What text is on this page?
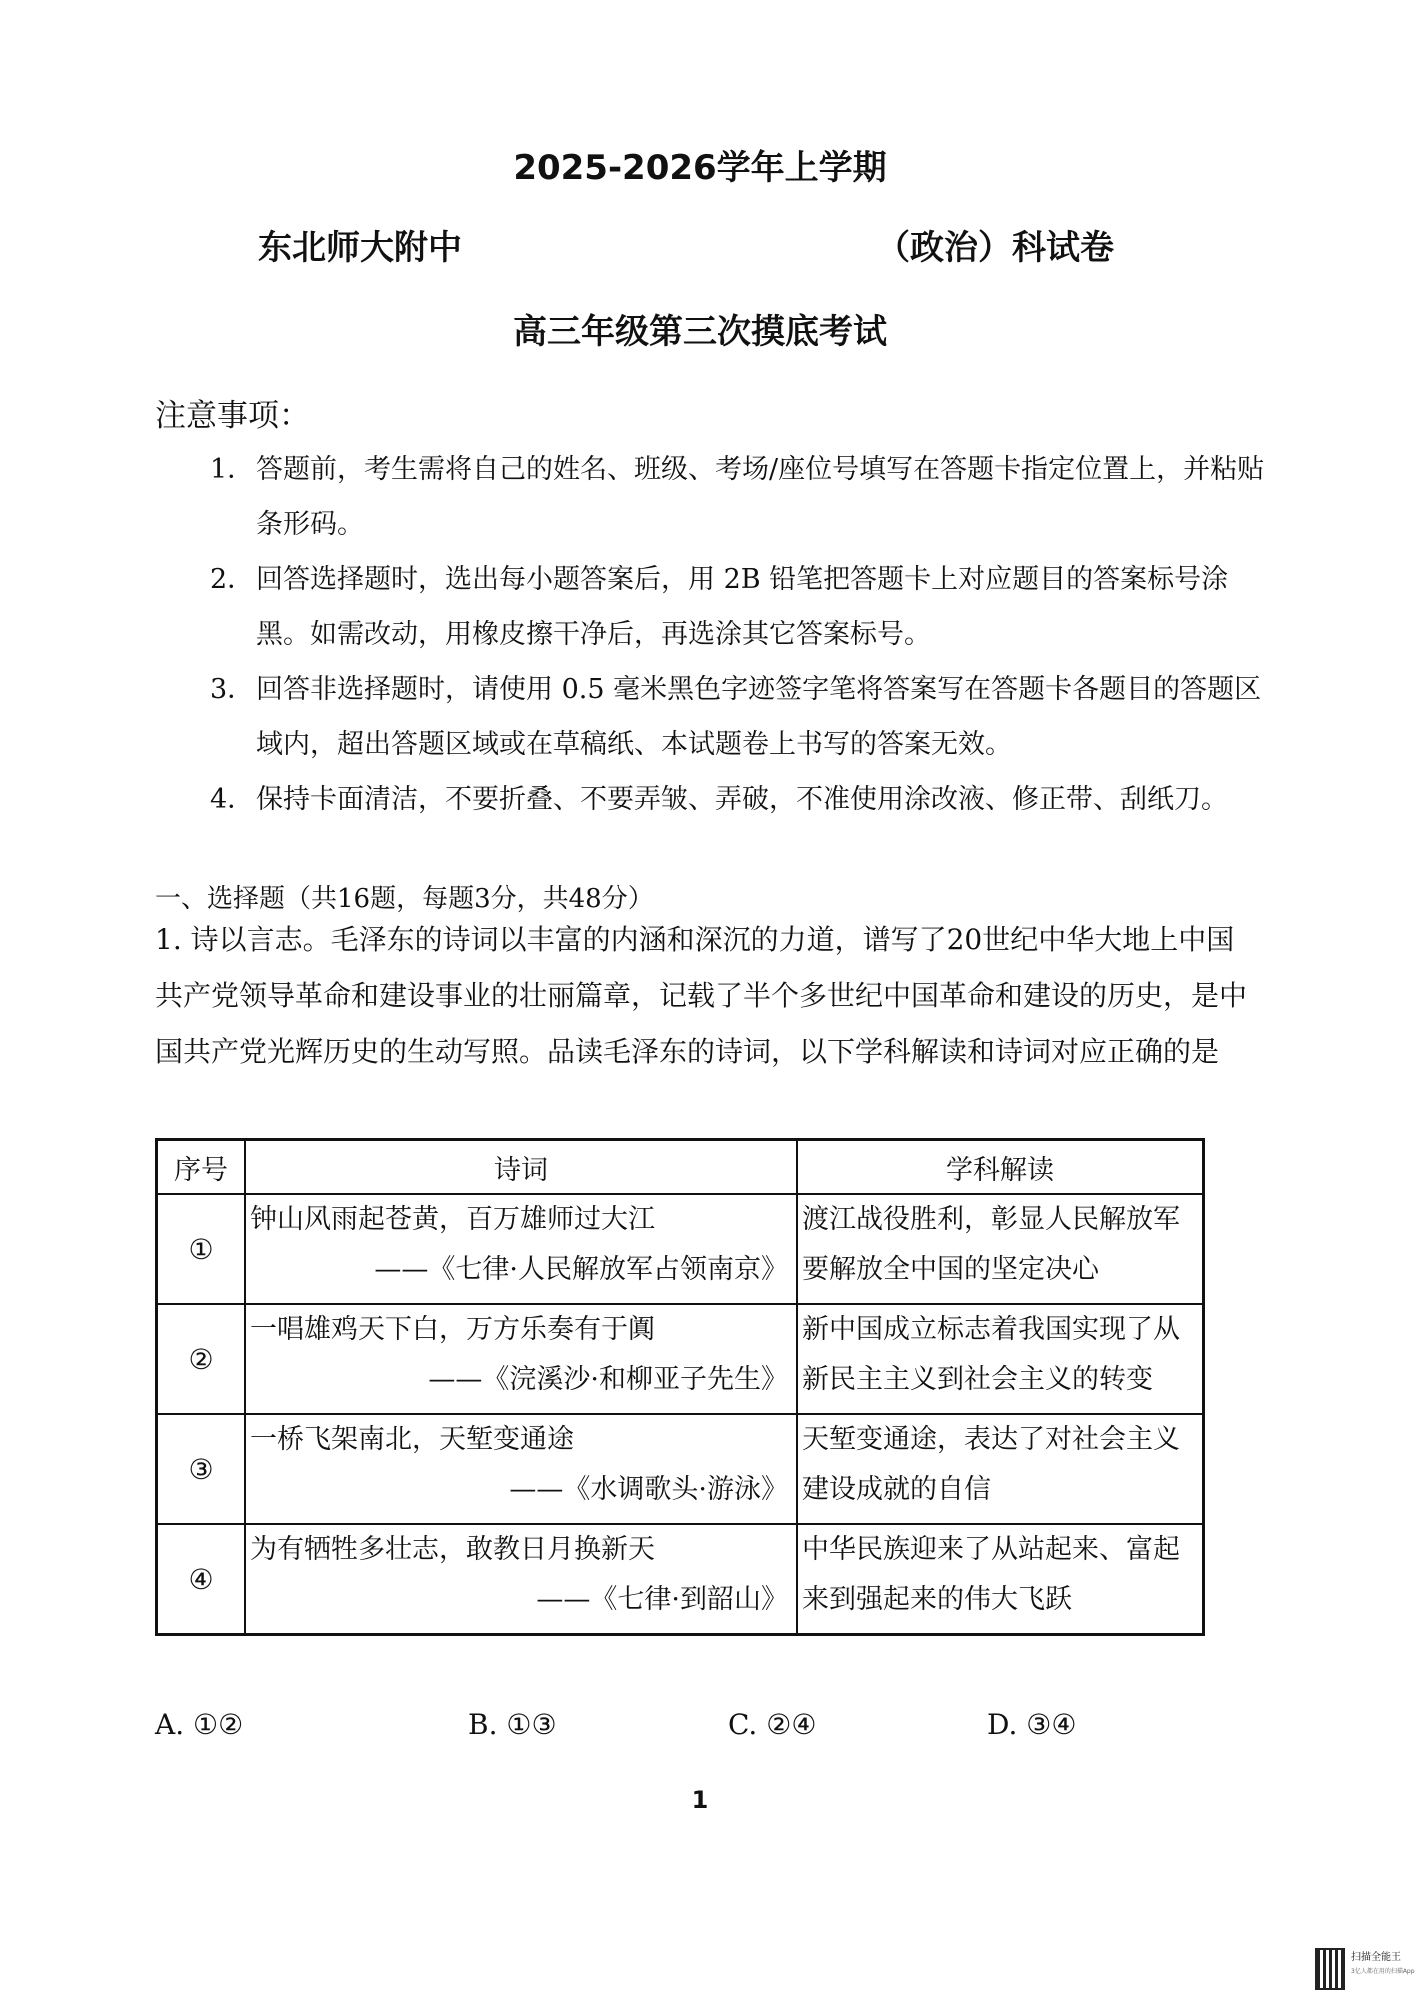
2025-2026学年上学期
东北师大附中	（政治）科试卷
高三年级第三次摸底考试
注意事项：
1． 答题前，考生需将自己的姓名、班级、考场/座位号填写在答题卡指定位置上，并粘贴条形码。
2． 回答选择题时，选出每小题答案后，用 2B 铅笔把答题卡上对应题目的答案标号涂黑。如需改动，用橡皮擦干净后，再选涂其它答案标号。
3． 回答非选择题时，请使用 0.5 毫米黑色字迹签字笔将答案写在答题卡各题目的答题区域内，超出答题区域或在草稿纸、本试题卷上书写的答案无效。
4． 保持卡面清洁，不要折叠、不要弄皱、弄破，不准使用涂改液、修正带、刮纸刀。
一、选择题（共16题，每题3分，共48分）
1. 诗以言志。毛泽东的诗词以丰富的内涵和深沉的力道，谱写了20世纪中华大地上中国共产党领导革命和建设事业的壮丽篇章，记载了半个多世纪中国革命和建设的历史，是中国共产党光辉历史的生动写照。品读毛泽东的诗词，以下学科解读和诗词对应正确的是
序号	诗词	学科解读
①	钟山风雨起苍黄，百万雄师过大江
——《七律·人民解放军占领南京》	渡江战役胜利，彰显人民解放军要解放全中国的坚定决心

②	一唱雄鸡天下白，万方乐奏有于阗
——《浣溪沙·和柳亚子先生》	新中国成立标志着我国实现了从新民主主义到社会主义的转变

③	一桥飞架南北，天堑变通途
——《水调歌头·游泳》	天堑变通途，表达了对社会主义建设成就的自信

④	为有牺牲多壮志，敢教日月换新天
——《七律·到韶山》	中华民族迎来了从站起来、富起来到强起来的伟大飞跃
A. ①②	B. ①③	C. ②④	D. ③④
1
扫描全能王
3亿人都在用的扫描App
